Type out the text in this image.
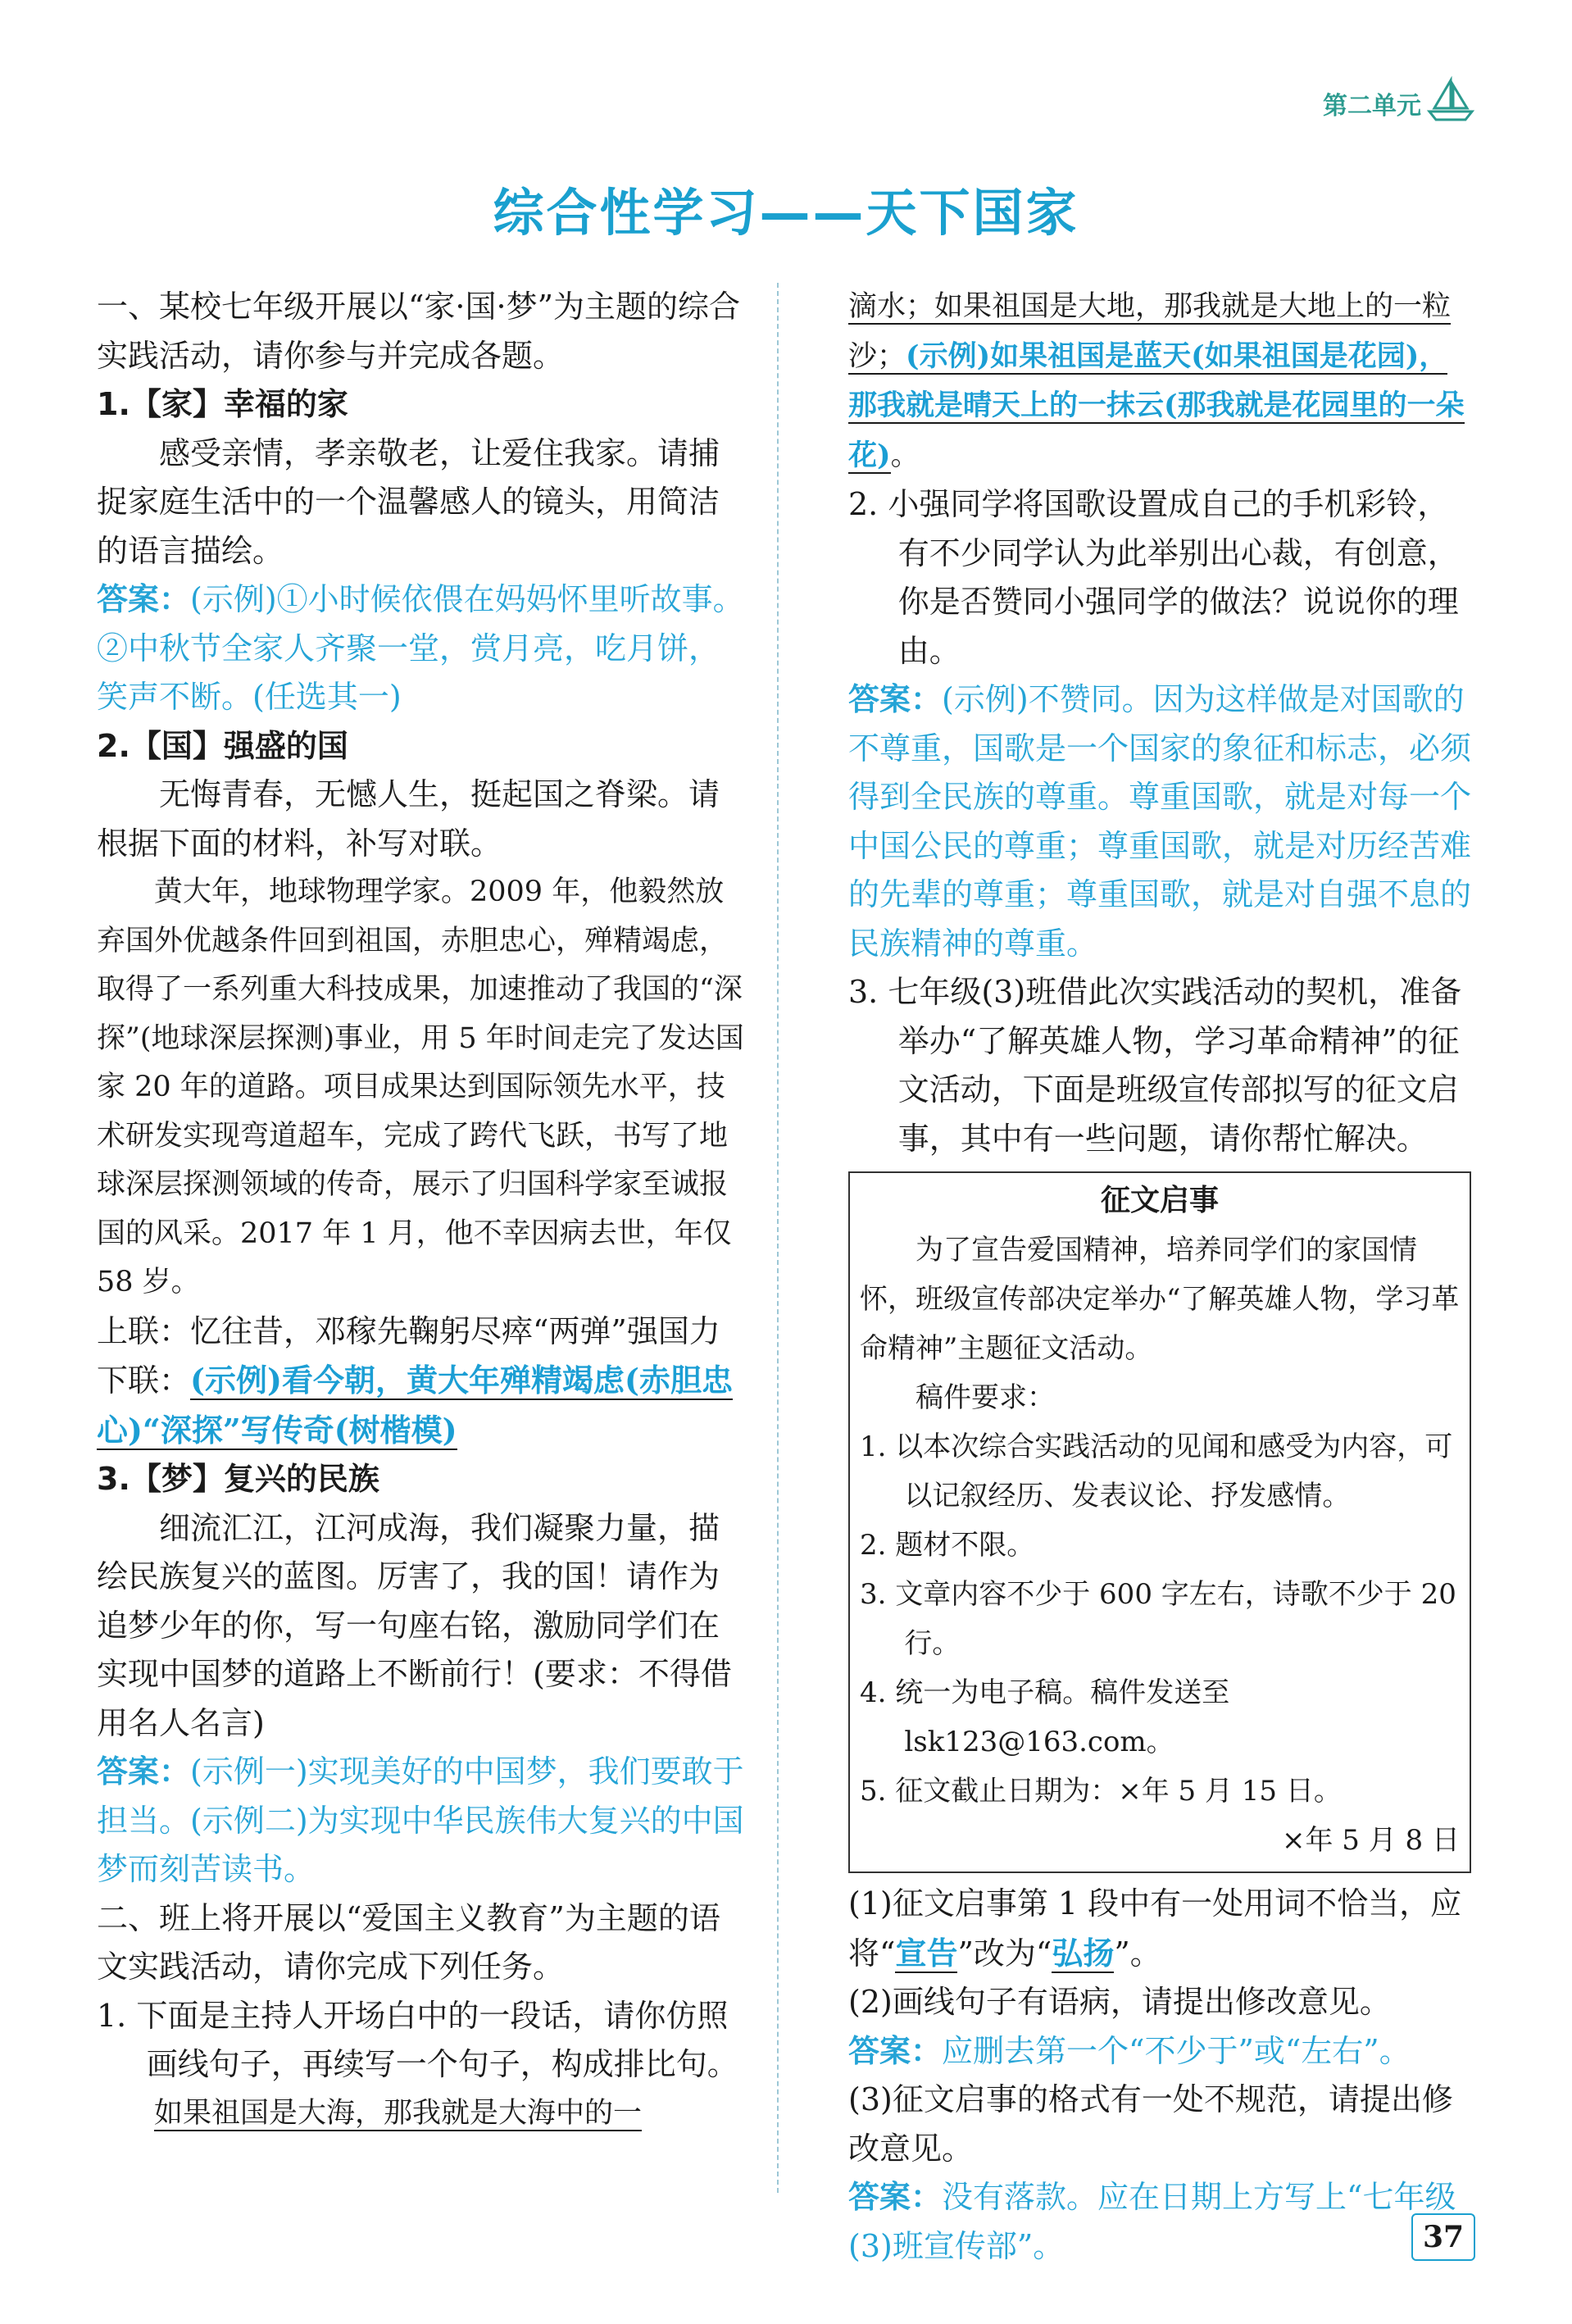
第二单元
综合性学习——天下国家

一、某校七年级开展以“家·国·梦”为主题的综合实践活动，请你参与并完成各题。

1.【家】幸福的家

感受亲情，孝亲敬老，让爱住我家。请捕捉家庭生活中的一个温馨感人的镜头，用简洁的语言描绘。

答案：(示例)①小时候依偎在妈妈怀里听故事。②中秋节全家人齐聚一堂，赏月亮，吃月饼，笑声不断。(任选其一)

2.【国】强盛的国

无悔青春，无憾人生，挺起国之脊梁。请根据下面的材料，补写对联。

黄大年，地球物理学家。2009 年，他毅然放弃国外优越条件回到祖国，赤胆忠心，殚精竭虑，取得了一系列重大科技成果，加速推动了我国的“深探”(地球深层探测)事业，用 5 年时间走完了发达国家 20 年的道路。项目成果达到国际领先水平，技术研发实现弯道超车，完成了跨代飞跃，书写了地球深层探测领域的传奇，展示了归国科学家至诚报国的风采。2017 年 1 月，他不幸因病去世，年仅 58 岁。

上联：忆往昔，邓稼先鞠躬尽瘁“两弹”强国力

下联：(示例)看今朝，黄大年殚精竭虑(赤胆忠心)“深探”写传奇(树楷模)

3.【梦】复兴的民族

细流汇江，江河成海，我们凝聚力量，描绘民族复兴的蓝图。厉害了，我的国！请作为追梦少年的你，写一句座右铭，激励同学们在实现中国梦的道路上不断前行！(要求：不得借用名人名言)

答案：(示例一)实现美好的中国梦，我们要敢于担当。(示例二)为实现中华民族伟大复兴的中国梦而刻苦读书。

二、班上将开展以“爱国主义教育”为主题的语文实践活动，请你完成下列任务。

1. 下面是主持人开场白中的一段话，请你仿照画线句子，再续写一个句子，构成排比句。

如果祖国是大海，那我就是大海中的一

滴水；如果祖国是大地，那我就是大地上的一粒沙；(示例)如果祖国是蓝天(如果祖国是花园)，那我就是晴天上的一抹云(那我就是花园里的一朵花)。

2. 小强同学将国歌设置成自己的手机彩铃，有不少同学认为此举别出心裁，有创意，你是否赞同小强同学的做法？说说你的理由。

答案：(示例)不赞同。因为这样做是对国歌的不尊重，国歌是一个国家的象征和标志，必须得到全民族的尊重。尊重国歌，就是对每一个中国公民的尊重；尊重国歌，就是对历经苦难的先辈的尊重；尊重国歌，就是对自强不息的民族精神的尊重。

3. 七年级(3)班借此次实践活动的契机，准备举办“了解英雄人物，学习革命精神”的征文活动，下面是班级宣传部拟写的征文启事，其中有一些问题，请你帮忙解决。

征文启事

为了宣告爱国精神，培养同学们的家国情怀，班级宣传部决定举办“了解英雄人物，学习革命精神”主题征文活动。

稿件要求：

1. 以本次综合实践活动的见闻和感受为内容，可以记叙经历、发表议论、抒发感情。

2. 题材不限。

3. 文章内容不少于 600 字左右，诗歌不少于 20 行。

4. 统一为电子稿。稿件发送至 lsk123@163.com。

5. 征文截止日期为：×年 5 月 15 日。

×年 5 月 8 日

(1)征文启事第 1 段中有一处用词不恰当，应将“宣告”改为“弘扬”。

(2)画线句子有语病，请提出修改意见。

答案：应删去第一个“不少于”或“左右”。

(3)征文启事的格式有一处不规范，请提出修改意见。

答案：没有落款。应在日期上方写上“七年级(3)班宣传部”。	37
